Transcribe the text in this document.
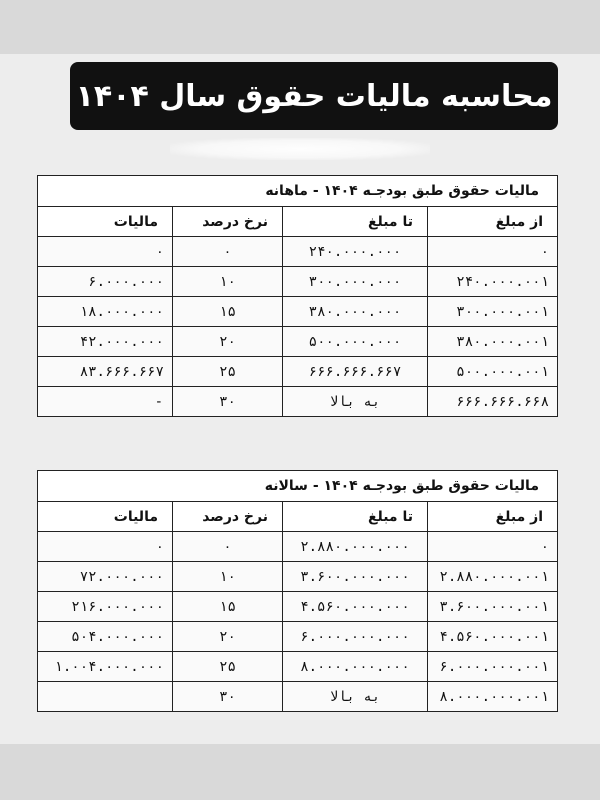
محاسبه مالیات حقوق سال ۱۴۰۴
مالیات حقوق طبق بودجـه ۱۴۰۴ - ماهانه			
از مبلغ	تا مبلغ	نرخ درصد	مالیات
۰	۲۴۰.۰۰۰.۰۰۰	۰	۰
۲۴۰.۰۰۰.۰۰۱	۳۰۰.۰۰۰.۰۰۰	۱۰	۶.۰۰۰.۰۰۰
۳۰۰.۰۰۰.۰۰۱	۳۸۰.۰۰۰.۰۰۰	۱۵	۱۸.۰۰۰.۰۰۰
۳۸۰.۰۰۰.۰۰۱	۵۰۰.۰۰۰.۰۰۰	۲۰	۴۲.۰۰۰.۰۰۰
۵۰۰.۰۰۰.۰۰۱	۶۶۶.۶۶۶.۶۶۷	۲۵	۸۳.۶۶۶.۶۶۷
۶۶۶.۶۶۶.۶۶۸	به بالا	۳۰	-
مالیات حقوق طبق بودجـه ۱۴۰۴ - سالانه			
از مبلغ	تا مبلغ	نرخ درصد	مالیات
۰	۲.۸۸۰.۰۰۰.۰۰۰	۰	۰
۲.۸۸۰.۰۰۰.۰۰۱	۳.۶۰۰.۰۰۰.۰۰۰	۱۰	۷۲.۰۰۰.۰۰۰
۳.۶۰۰.۰۰۰.۰۰۱	۴.۵۶۰.۰۰۰.۰۰۰	۱۵	۲۱۶.۰۰۰.۰۰۰
۴.۵۶۰.۰۰۰.۰۰۱	۶.۰۰۰.۰۰۰.۰۰۰	۲۰	۵۰۴.۰۰۰.۰۰۰
۶.۰۰۰.۰۰۰.۰۰۱	۸.۰۰۰.۰۰۰.۰۰۰	۲۵	۱.۰۰۴.۰۰۰.۰۰۰
۸.۰۰۰.۰۰۰.۰۰۱	به بالا	۳۰	
